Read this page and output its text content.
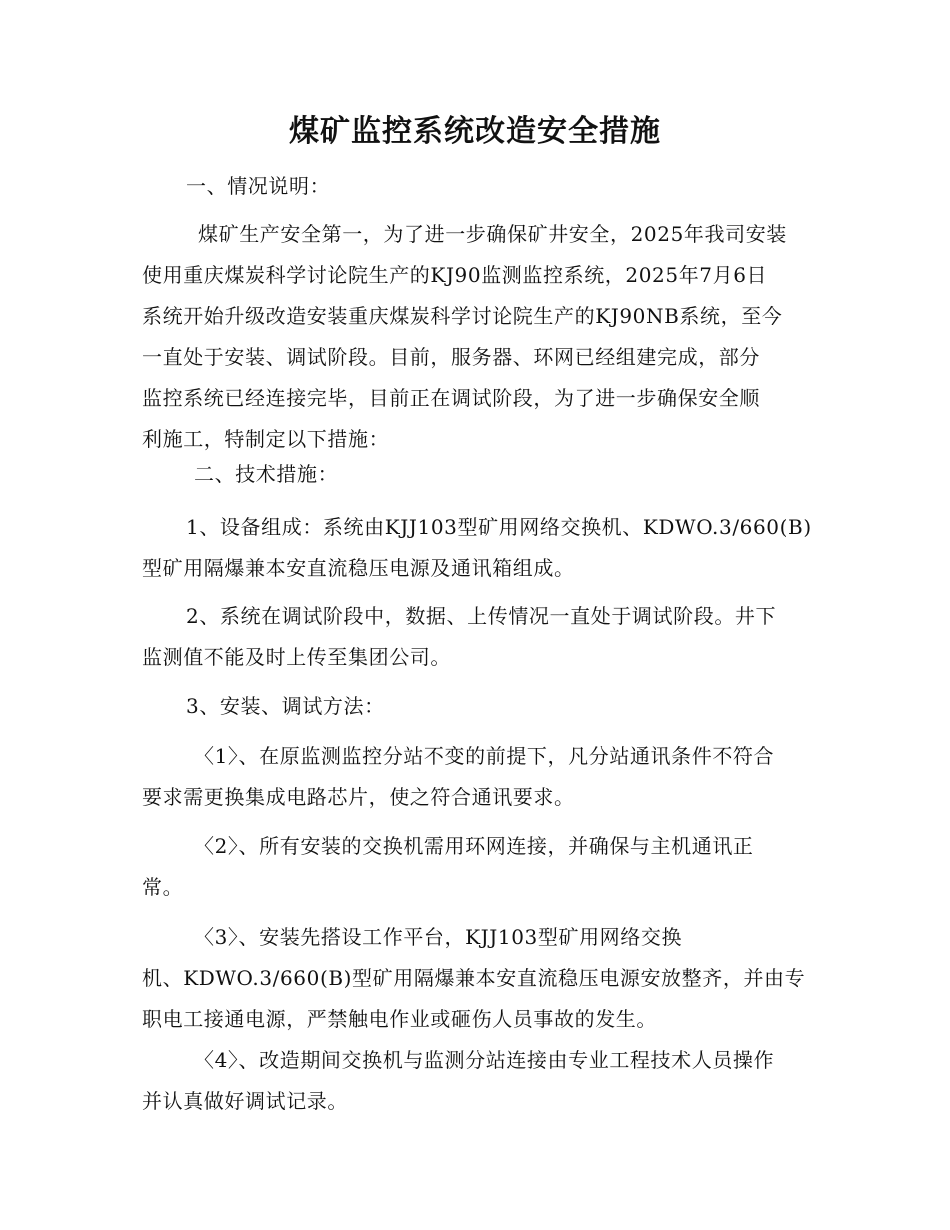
煤矿监控系统改造安全措施
一、情况说明：
煤矿生产安全第一，为了进一步确保矿井安全，2025年我司安装
使用重庆煤炭科学讨论院生产的KJ90监测监控系统，2025年7月6日
系统开始升级改造安装重庆煤炭科学讨论院生产的KJ90NB系统，至今
一直处于安装、调试阶段。目前，服务器、环网已经组建完成，部分
监控系统已经连接完毕，目前正在调试阶段，为了进一步确保安全顺
利施工，特制定以下措施：
二、技术措施：
1、设备组成：系统由KJJ103型矿用网络交换机、KDWO.3/660(B)
型矿用隔爆兼本安直流稳压电源及通讯箱组成。
2、系统在调试阶段中，数据、上传情况一直处于调试阶段。井下
监测值不能及时上传至集团公司。
3、安装、调试方法：
〈1〉、在原监测监控分站不变的前提下，凡分站通讯条件不符合
要求需更换集成电路芯片，使之符合通讯要求。
〈2〉、所有安装的交换机需用环网连接，并确保与主机通讯正
常。
〈3〉、安装先搭设工作平台，KJJ103型矿用网络交换
机、KDWO.3/660(B)型矿用隔爆兼本安直流稳压电源安放整齐，并由专
职电工接通电源，严禁触电作业或砸伤人员事故的发生。
〈4〉、改造期间交换机与监测分站连接由专业工程技术人员操作
并认真做好调试记录。
